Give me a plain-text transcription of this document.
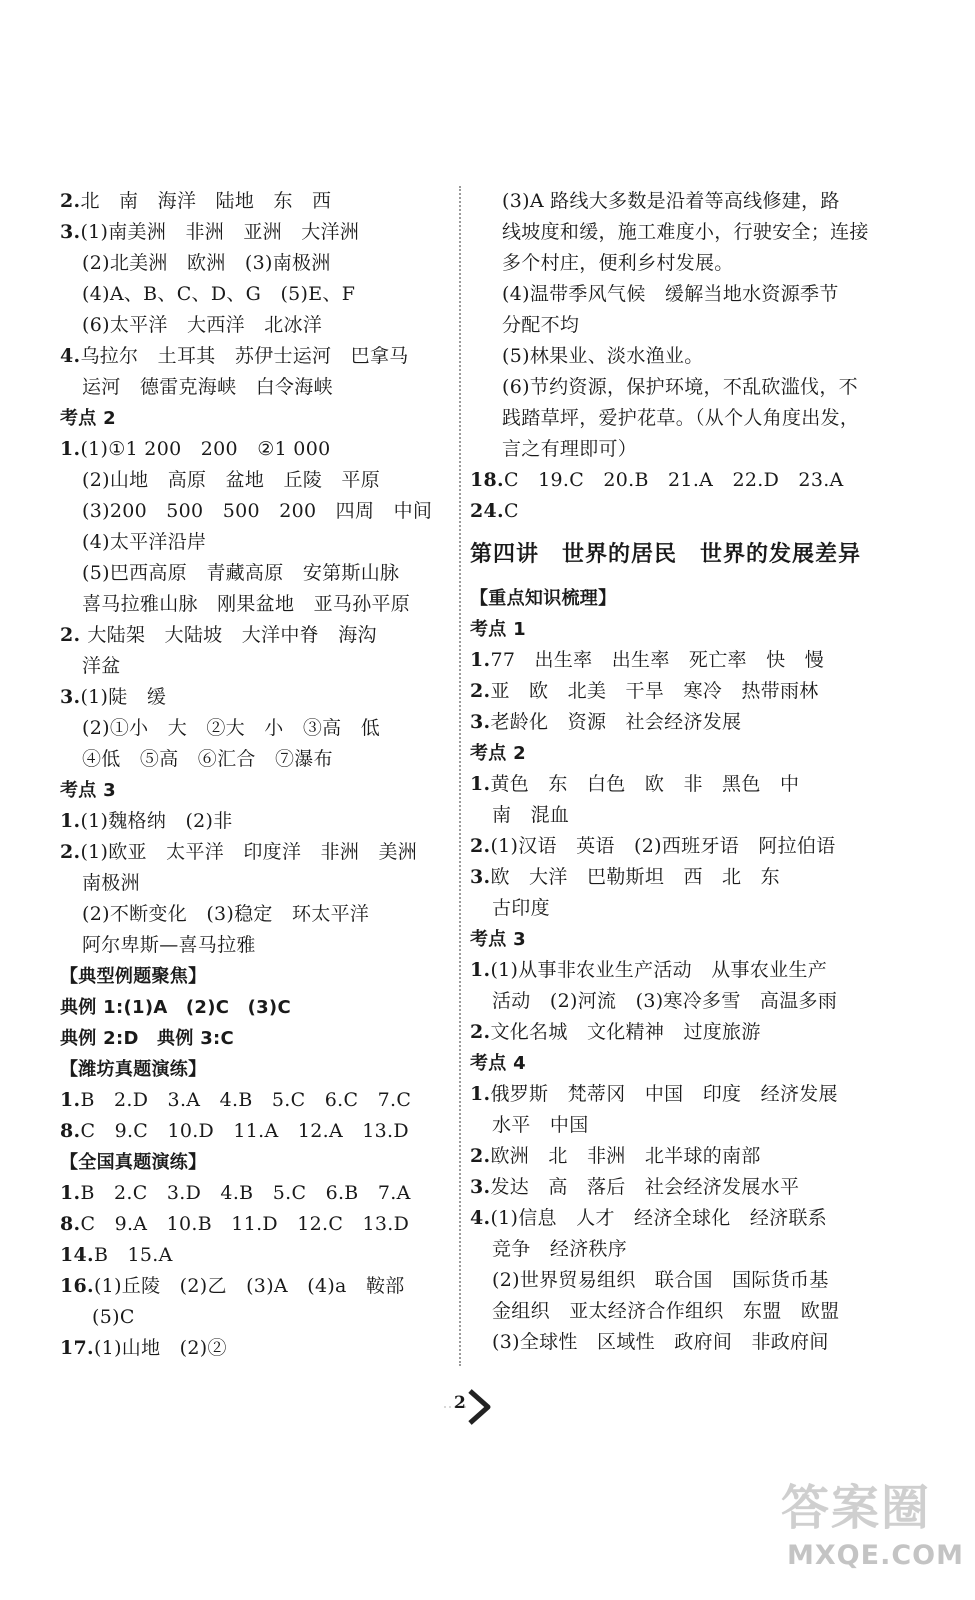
2.北　南　海洋　陆地　东　西
3.(1)南美洲　非洲　亚洲　大洋洲
(2)北美洲　欧洲　(3)南极洲
(4)A、B、C、D、G　(5)E、F
(6)太平洋　大西洋　北冰洋
4.乌拉尔　土耳其　苏伊士运河　巴拿马
运河　德雷克海峡　白令海峡
考点 2
1.(1)①1 200　200　②1 000
(2)山地　高原　盆地　丘陵　平原
(3)200　500　500　200　四周　中间
(4)太平洋沿岸
(5)巴西高原　青藏高原　安第斯山脉
喜马拉雅山脉　刚果盆地　亚马孙平原
2. 大陆架　大陆坡　大洋中脊　海沟
洋盆
3.(1)陡　缓
(2)①小　大　②大　小　③高　低
④低　⑤高　⑥汇合　⑦瀑布
考点 3
1.(1)魏格纳　(2)非
2.(1)欧亚　太平洋　印度洋　非洲　美洲
南极洲
(2)不断变化　(3)稳定　环太平洋
阿尔卑斯—喜马拉雅
【典型例题聚焦】
典例 1:(1)A　(2)C　(3)C
典例 2:D　典例 3:C
【潍坊真题演练】
1.B　2.D　3.A　4.B　5.C　6.C　7.C
8.C　9.C　10.D　11.A　12.A　13.D
【全国真题演练】
1.B　2.C　3.D　4.B　5.C　6.B　7.A
8.C　9.A　10.B　11.D　12.C　13.D
14.B　15.A
16.(1)丘陵　(2)乙　(3)A　(4)a　鞍部
(5)C
17.(1)山地　(2)②
(3)A 路线大多数是沿着等高线修建，路
线坡度和缓，施工难度小，行驶安全；连接
多个村庄，便利乡村发展。
(4)温带季风气候　缓解当地水资源季节
分配不均
(5)林果业、淡水渔业。
(6)节约资源，保护环境，不乱砍滥伐，不
践踏草坪，爱护花草。（从个人角度出发，
言之有理即可）
18.C　19.C　20.B　21.A　22.D　23.A
24.C
第四讲　世界的居民　世界的发展差异
【重点知识梳理】
考点 1
1.77　出生率　出生率　死亡率　快　慢
2.亚　欧　北美　干旱　寒冷　热带雨林
3.老龄化　资源　社会经济发展
考点 2
1.黄色　东　白色　欧　非　黑色　中
南　混血
2.(1)汉语　英语　(2)西班牙语　阿拉伯语
3.欧　大洋　巴勒斯坦　西　北　东
古印度
考点 3
1.(1)从事非农业生产活动　从事农业生产
活动　(2)河流　(3)寒冷多雪　高温多雨
2.文化名城　文化精神　过度旅游
考点 4
1.俄罗斯　梵蒂冈　中国　印度　经济发展
水平　中国
2.欧洲　北　非洲　北半球的南部
3.发达　高　落后　社会经济发展水平
4.(1)信息　人才　经济全球化　经济联系
竞争　经济秩序
(2)世界贸易组织　联合国　国际货币基
金组织　亚太经济合作组织　东盟　欧盟
(3)全球性　区域性　政府间　非政府间
2
答案圈
MXQE.COM
